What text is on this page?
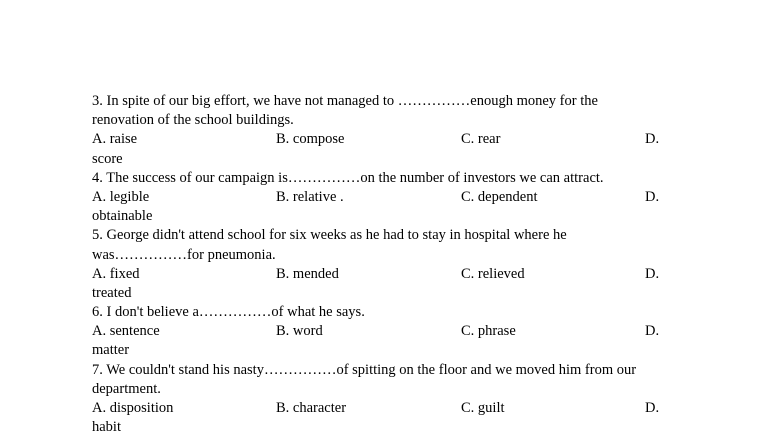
3. In spite of our big effort, we have not managed to ……………enough money for the
renovation of the school buildings.
A. raise	B. compose	C. rear	D.
score
4. The success of our campaign is……………on the number of investors we can attract.
A. legible	B. relative .	C. dependent	D.
obtainable
5. George didn't attend school for six weeks as he had to stay in hospital where he
was……………for pneumonia.
A. fixed	B. mended	C. relieved	D.
treated
6. I don't believe a……………of what he says.
A. sentence	B. word	C. phrase	D.
matter
7. We couldn't stand his nasty……………of spitting on the floor and we moved him from our
department.
A. disposition	B. character	C. guilt	D.
habit
